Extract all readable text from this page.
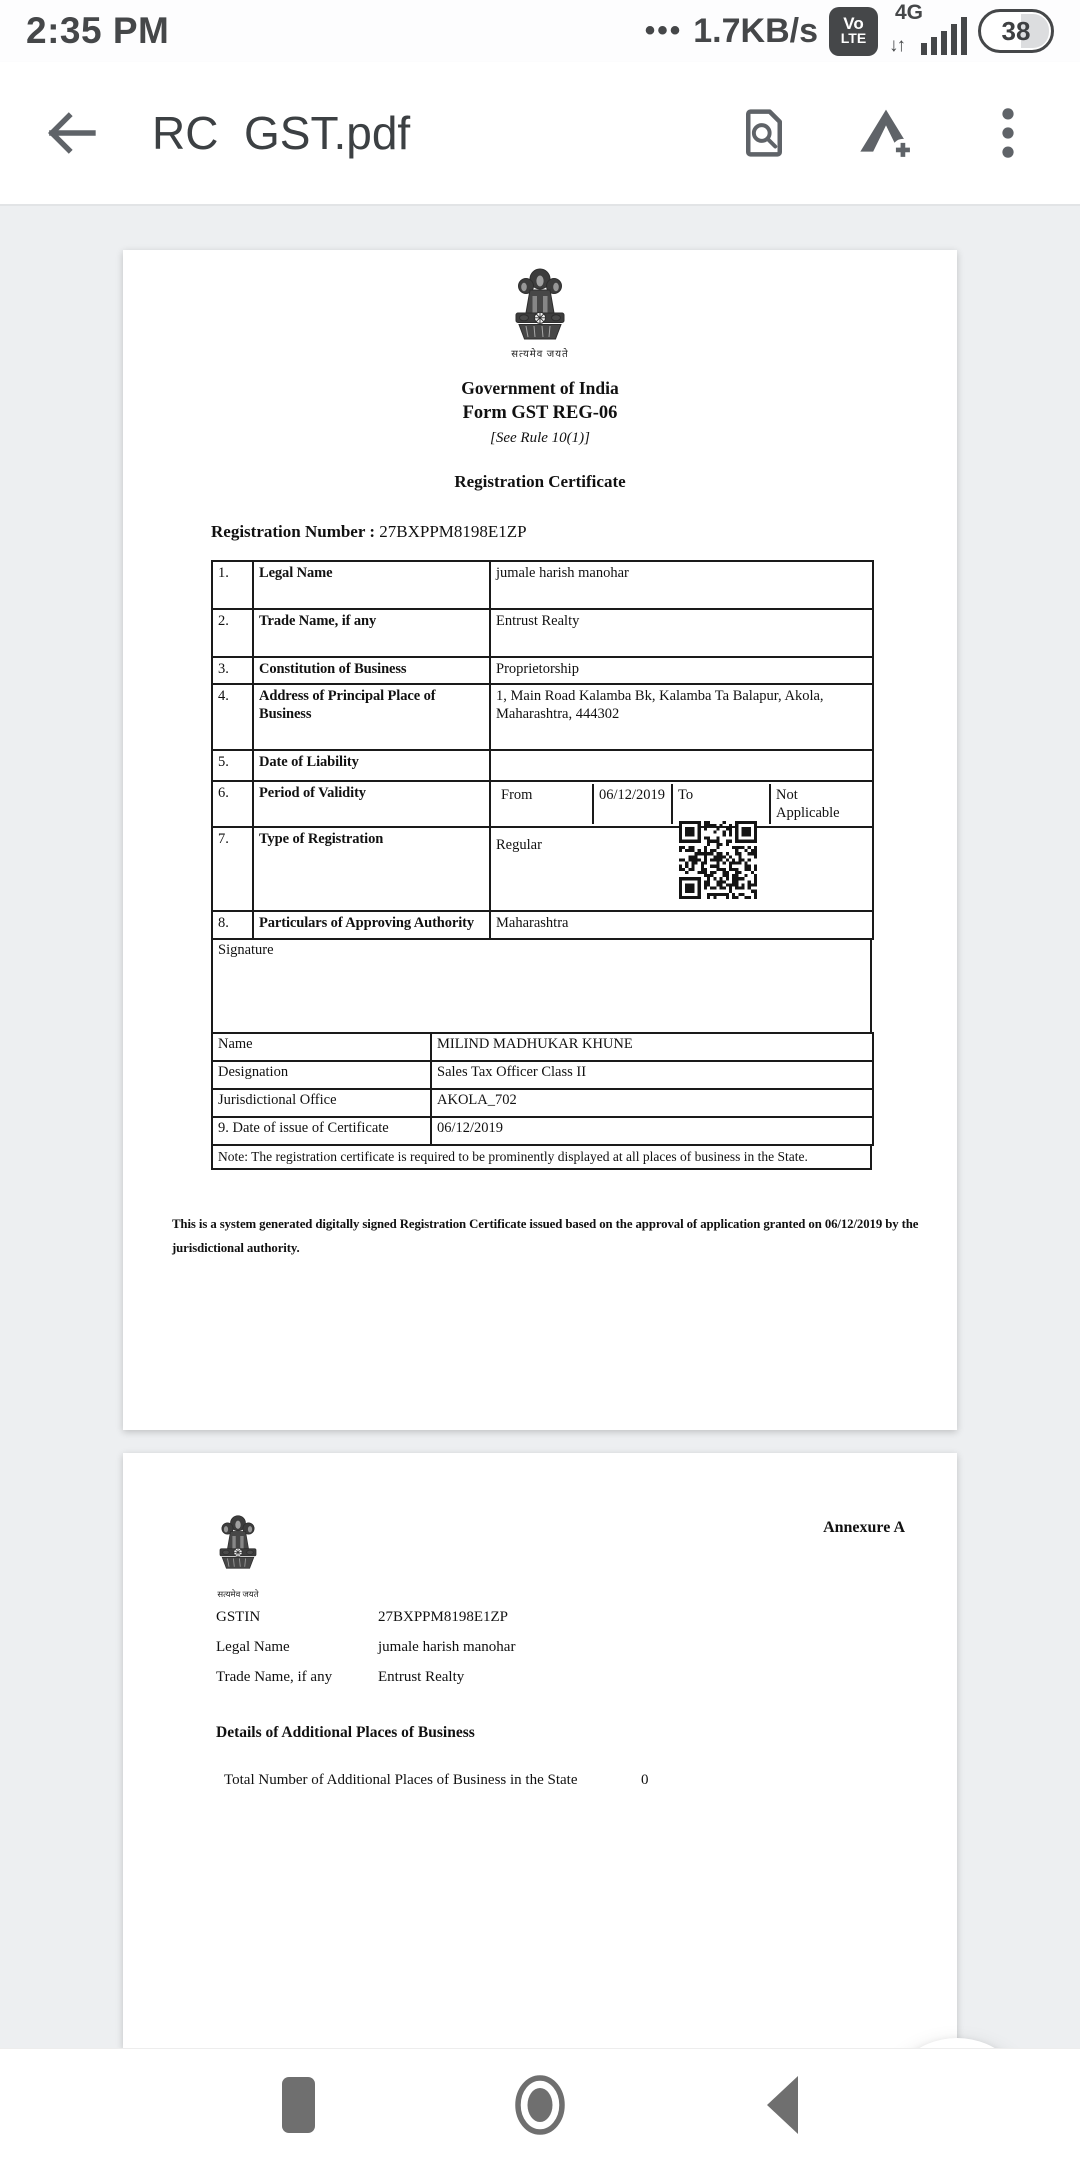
2:35 PM	••• 1.7KB/s Vo
LTE
4G
↓↑	38
RC  GST.pdf
सत्यमेव जयते
Government of India
Form GST REG-06
[See Rule 10(1)]
Registration Certificate
Registration Number : 27BXPPM8198E1ZP
1.	Legal Name	jumale harish manohar
2.	Trade Name, if any	Entrust Realty
3.	Constitution of Business	Proprietorship
4.	Address of Principal Place of Business	1, Main Road Kalamba Bk, Kalamba Ta Balapur, Akola, Maharashtra, 444302
5.	Date of Liability	
6.	Period of Validity	From 06/12/2019 To Not Applicable

7.	Type of Registration	Regular
8.	Particulars of Approving Authority	Maharashtra
Signature
Name	MILIND MADHUKAR KHUNE
Designation	Sales Tax Officer Class II
Jurisdictional Office	AKOLA_702
9. Date of issue of Certificate	06/12/2019
Note: The registration certificate is required to be prominently displayed at all places of business in the State.
This is a system generated digitally signed Registration Certificate issued based on the approval of application granted on 06/12/2019 by the jurisdictional authority.
सत्यमेव जयते
Annexure A
GSTIN	27BXPPM8198E1ZP
Legal Name	jumale harish manohar
Trade Name, if any	Entrust Realty
Details of Additional Places of Business
Total Number of Additional Places of Business in the State	0
